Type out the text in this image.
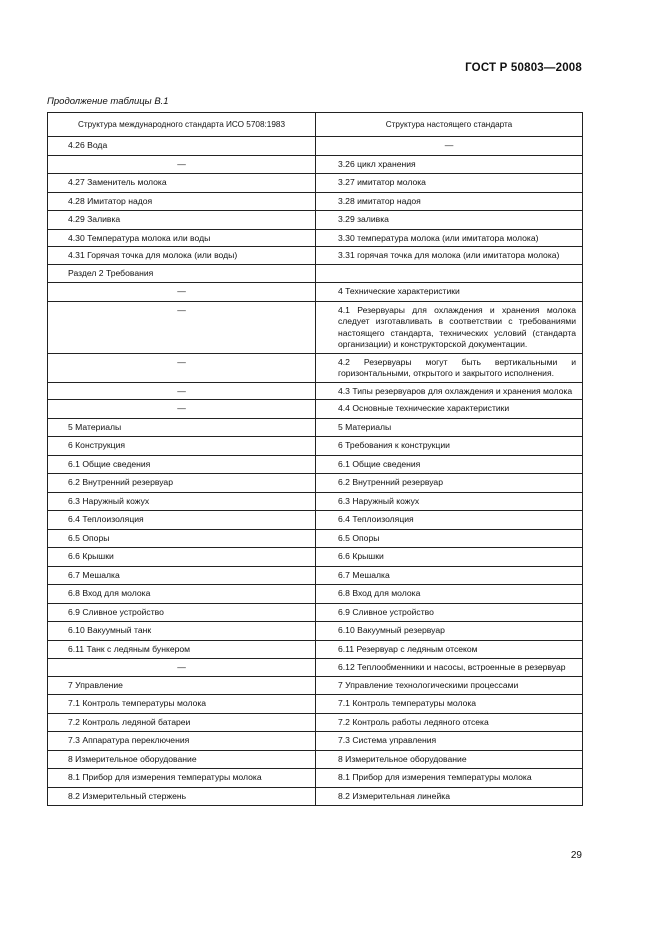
ГОСТ Р 50803—2008
Продолжение таблицы В.1
Структура международного стандарта ИСО 5708:1983	Структура настоящего стандарта
4.26 Вода	—
—	3.26 цикл хранения
4.27 Заменитель молока	3.27 имитатор молока
4.28 Имитатор надоя	3.28 имитатор надоя
4.29 Заливка	3.29 заливка
4.30 Температура молока или воды	3.30 температура молока (или имитатора молока)
4.31 Горячая точка для молока (или воды)	3.31 горячая точка для молока (или имитатора молока)
Раздел 2 Требования	
—	4 Технические характеристики
—	4.1 Резервуары для охлаждения и хранения молока следует изготавливать в соответствии с требованиями настоящего стандарта, технических условий (стандарта организации) и конструкторской документации.
—	4.2 Резервуары могут быть вертикальными и горизонтальными, открытого и закрытого исполнения.
—	4.3 Типы резервуаров для охлаждения и хранения молока
—	4.4 Основные технические характеристики
5 Материалы	5 Материалы
6 Конструкция	6 Требования к конструкции
6.1 Общие сведения	6.1 Общие сведения
6.2 Внутренний резервуар	6.2 Внутренний резервуар
6.3 Наружный кожух	6.3 Наружный кожух
6.4 Теплоизоляция	6.4 Теплоизоляция
6.5 Опоры	6.5 Опоры
6.6 Крышки	6.6 Крышки
6.7 Мешалка	6.7 Мешалка
6.8 Вход для молока	6.8 Вход для молока
6.9 Сливное устройство	6.9 Сливное устройство
6.10 Вакуумный танк	6.10 Вакуумный резервуар
6.11 Танк с ледяным бункером	6.11 Резервуар с ледяным отсеком
—	6.12 Теплообменники и насосы, встроенные в резервуар
7 Управление	7 Управление технологическими процессами
7.1 Контроль температуры молока	7.1 Контроль температуры молока
7.2 Контроль ледяной батареи	7.2 Контроль работы ледяного отсека
7.3 Аппаратура переключения	7.3 Система управления
8 Измерительное оборудование	8 Измерительное оборудование
8.1 Прибор для измерения температуры молока	8.1 Прибор для измерения температуры молока
8.2 Измерительный стержень	8.2 Измерительная линейка
29
